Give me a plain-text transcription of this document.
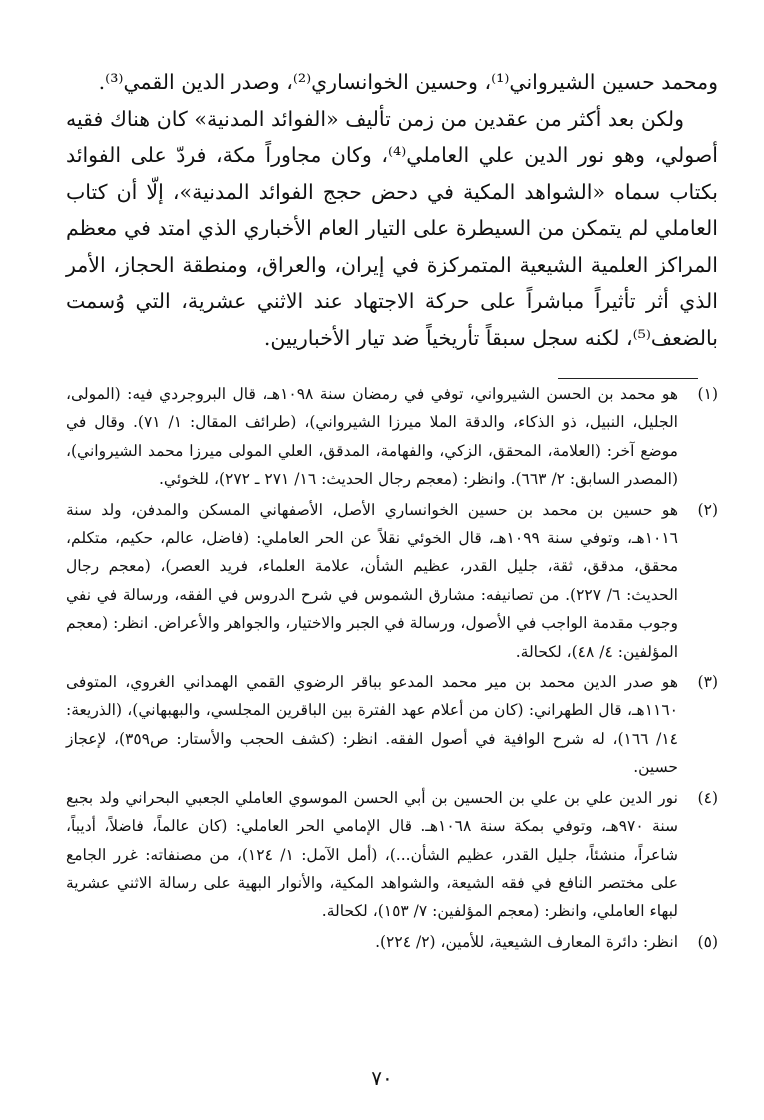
ومحمد حسين الشيرواني⁽¹⁾، وحسين الخوانساري⁽²⁾، وصدر الدين القمي⁽³⁾.

ولكن بعد أكثر من عقدين من زمن تأليف «الفوائد المدنية» كان هناك فقيه أصولي، وهو نور الدين علي العاملي⁽⁴⁾، وكان مجاوراً مكة، فردّ على الفوائد بكتاب سماه «الشواهد المكية في دحض حجج الفوائد المدنية»، إلّا أن كتاب العاملي لم يتمكن من السيطرة على التيار العام الأخباري الذي امتد في معظم المراكز العلمية الشيعية المتمركزة في إيران، والعراق، ومنطقة الحجاز، الأمر الذي أثر تأثيراً مباشراً على حركة الاجتهاد عند الاثني عشرية، التي وُسمت بالضعف⁽⁵⁾، لكنه سجل سبقاً تأريخياً ضد تيار الأخباريين.

(١)
هو محمد بن الحسن الشيرواني، توفي في رمضان سنة ١٠٩٨هـ، قال البروجردي فيه: (المولى، الجليل، النبيل، ذو الذكاء، والدقة الملا ميرزا الشيرواني)، (طرائف المقال: ١/ ٧١). وقال في موضع آخر: (العلامة، المحقق، الزكي، والفهامة، المدقق، العلي المولى ميرزا محمد الشيرواني)، (المصدر السابق: ٢/ ٦٦٣). وانظر: (معجم رجال الحديث: ١٦/ ٢٧١ ـ ٢٧٢)، للخوئي.
(٢)
هو حسين بن محمد بن حسين الخوانساري الأصل، الأصفهاني المسكن والمدفن، ولد سنة ١٠١٦هـ، وتوفي سنة ١٠٩٩هـ، قال الخوئي نقلاً عن الحر العاملي: (فاضل، عالم، حكيم، متكلم، محقق، مدقق، ثقة، جليل القدر، عظيم الشأن، علامة العلماء، فريد العصر)، (معجم رجال الحديث: ٦/ ٢٢٧). من تصانيفه: مشارق الشموس في شرح الدروس في الفقه، ورسالة في نفي وجوب مقدمة الواجب في الأصول، ورسالة في الجبر والاختيار، والجواهر والأعراض. انظر: (معجم المؤلفين: ٤/ ٤٨)، لكحالة.
(٣)
هو صدر الدين محمد بن مير محمد المدعو بباقر الرضوي القمي الهمداني الغروي، المتوفى ١١٦٠هـ، قال الطهراني: (كان من أعلام عهد الفترة بين الباقرين المجلسي، والبهبهاني)، (الذريعة: ١٤/ ١٦٦)، له شرح الوافية في أصول الفقه. انظر: (كشف الحجب والأستار: ص٣٥٩)، لإعجاز حسين.
(٤)
نور الدين علي بن علي بن الحسين بن أبي الحسن الموسوي العاملي الجعبي البحراني ولد بجبع سنة ٩٧٠هـ، وتوفي بمكة سنة ١٠٦٨هـ. قال الإمامي الحر العاملي: (كان عالماً، فاضلاً، أديباً، شاعراً، منشئاً، جليل القدر، عظيم الشأن...)، (أمل الآمل: ١/ ١٢٤)، من مصنفاته: غرر الجامع على مختصر النافع في فقه الشيعة، والشواهد المكية، والأنوار البهية على رسالة الاثني عشرية لبهاء العاملي، وانظر: (معجم المؤلفين: ٧/ ١٥٣)، لكحالة.
(٥)
انظر: دائرة المعارف الشيعية، للأمين، (٢/ ٢٢٤).
٧٠
